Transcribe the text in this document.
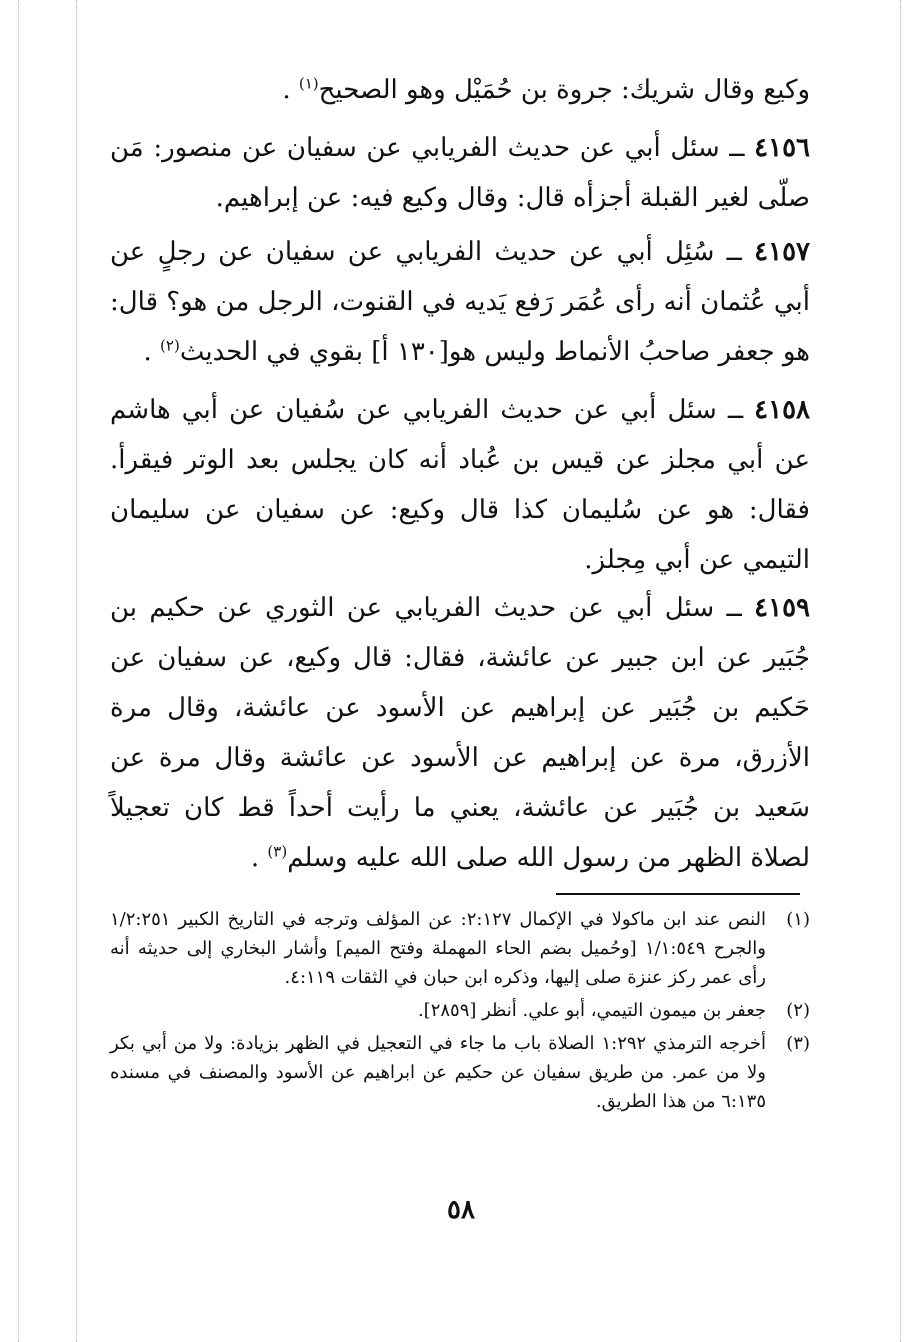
وكيع وقال شريك: جروة بن حُمَيْل وهو الصحيح$^{(١)}$ .
٤١٥٦ ــ سئل أبي عن حديث الفريابي عن سفيان عن منصور: مَن صلّى لغير القبلة أجزأه قال: وقال وكيع فيه: عن إبراهيم.
٤١٥٧ ــ سُئِل أبي عن حديث الفريابي عن سفيان عن رجلٍ عن أبي عُثمان أنه رأى عُمَر رَفع يَديه في القنوت، الرجل من هو؟ قال: هو جعفر صاحبُ الأنماط وليس هو[١٣٠ أ] بقوي في الحديث$^{(٢)}$ .
٤١٥٨ ــ سئل أبي عن حديث الفريابي عن سُفيان عن أبي هاشم عن أبي مجلز عن قيس بن عُباد أنه كان يجلس بعد الوتر فيقرأ. فقال: هو عن سُليمان كذا قال وكيع: عن سفيان عن سليمان التيمي عن أبي مِجلز.
٤١٥٩ ــ سئل أبي عن حديث الفريابي عن الثوري عن حكيم بن جُبَير عن ابن جبير عن عائشة، فقال: قال وكيع، عن سفيان عن حَكيم بن جُبَير عن إبراهيم عن الأسود عن عائشة، وقال مرة الأزرق، مرة عن إبراهيم عن الأسود عن عائشة وقال مرة عن سَعيد بن جُبَير عن عائشة، يعني ما رأيت أحداً قط كان تعجيلاً لصلاة الظهر من رسول الله صلى الله عليه وسلم$^{(٣)}$ .
(١)
النص عند ابن ماكولا في الإكمال ٢:١٢٧: عن المؤلف وترجه في التاريخ الكبير ١/٢:٢٥١ والجرح ١/١:٥٤٩ [وحُميل بضم الحاء المهملة وفتح الميم] وأشار البخاري إلى حديثه أنه رأى عمر ركز عنزة صلى إليها، وذكره ابن حبان في الثقات ٤:١١٩.
(٢)
جعفر بن ميمون التيمي، أبو علي. أنظر [٢٨٥٩].
(٣)
أخرجه الترمذي ١:٢٩٢ الصلاة باب ما جاء في التعجيل في الظهر بزيادة: ولا من أبي بكر ولا من عمر. من طريق سفيان عن حكيم عن ابراهيم عن الأسود والمصنف في مسنده ٦:١٣٥ من هذا الطريق.
٥٨
